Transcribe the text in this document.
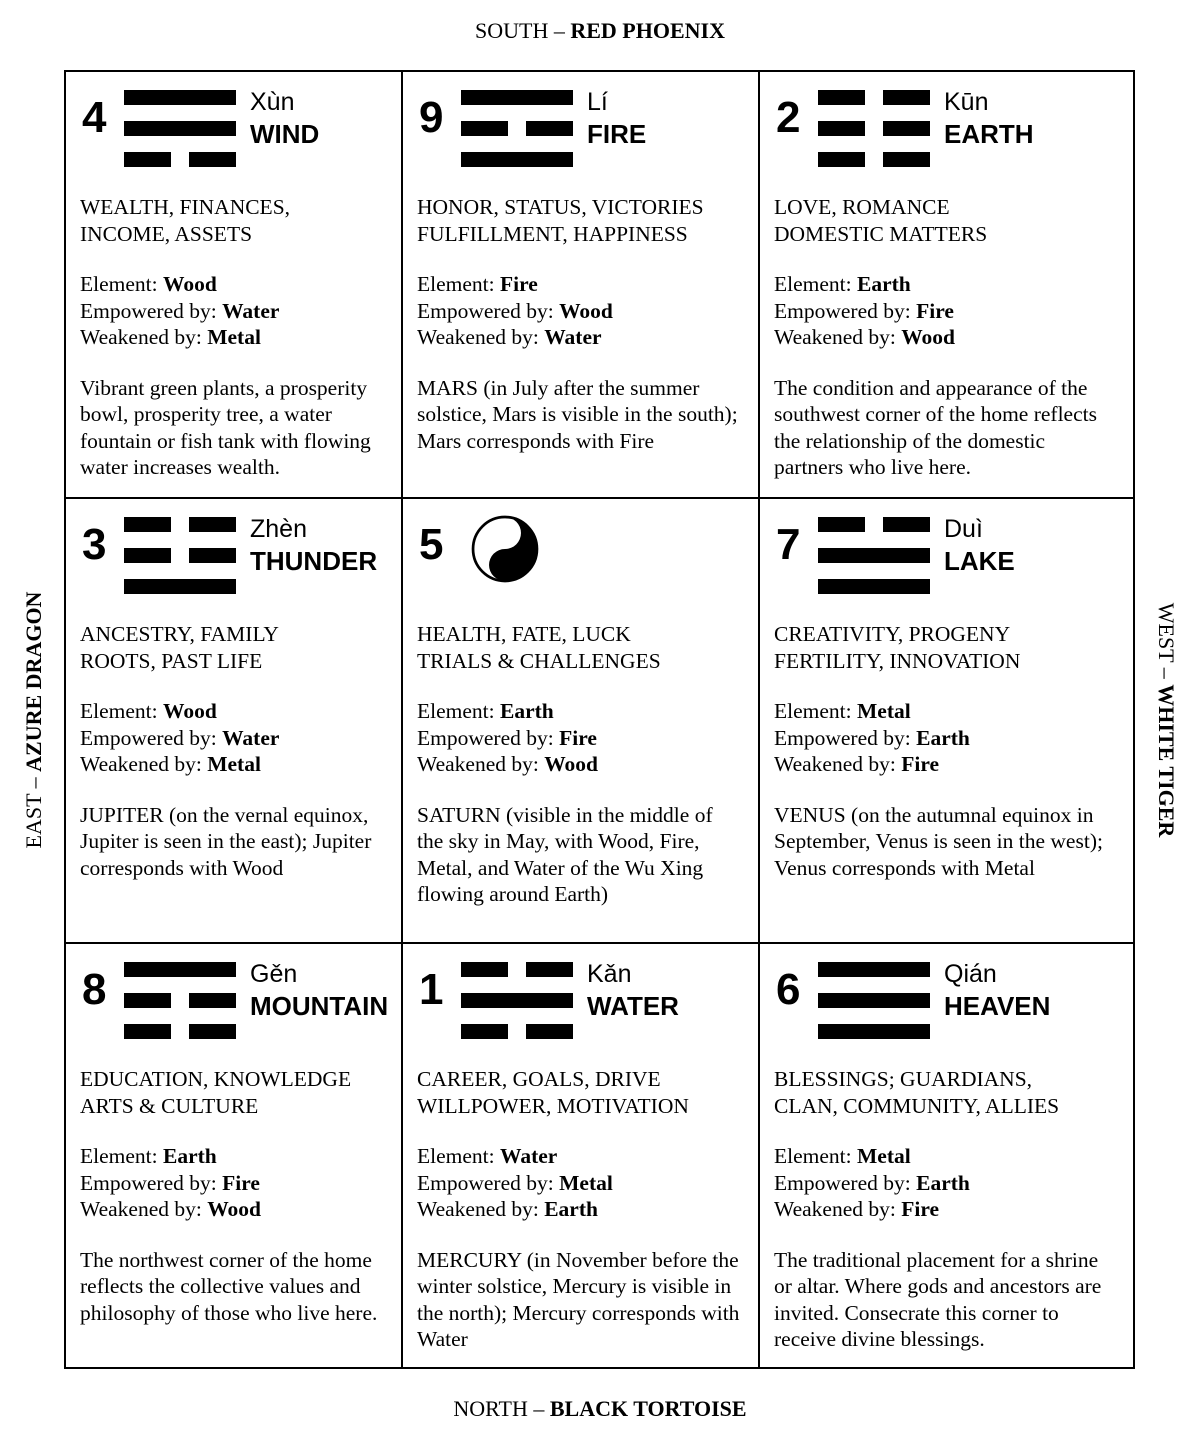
SOUTH – RED PHOENIX
NORTH – BLACK TORTOISE
EAST – AZURE DRAGON	WEST – WHITE TIGER
4	Xùn
WIND
WEALTH, FINANCES,
INCOME, ASSETS
Element: Wood
Empowered by: Water
Weakened by: Metal
Vibrant green plants, a prosperity bowl, prosperity tree, a water fountain or fish tank with flowing water increases wealth.
9	Lí
FIRE
HONOR, STATUS, VICTORIES
FULFILLMENT, HAPPINESS
Element: Fire
Empowered by: Wood
Weakened by: Water
MARS (in July after the summer solstice, Mars is visible in the south); Mars corresponds with Fire
2	Kūn
EARTH
LOVE, ROMANCE
DOMESTIC MATTERS
Element: Earth
Empowered by: Fire
Weakened by: Wood
The condition and appearance of the southwest corner of the home reflects the relationship of the domestic partners who live here.
3	Zhèn
THUNDER
ANCESTRY, FAMILY
ROOTS, PAST LIFE
Element: Wood
Empowered by: Water
Weakened by: Metal
JUPITER (on the vernal equinox, Jupiter is seen in the east); Jupiter corresponds with Wood
5
HEALTH, FATE, LUCK
TRIALS & CHALLENGES
Element: Earth
Empowered by: Fire
Weakened by: Wood
SATURN (visible in the middle of the sky in May, with Wood, Fire, Metal, and Water of the Wu Xing flowing around Earth)
7	Duì
LAKE
CREATIVITY, PROGENY
FERTILITY, INNOVATION
Element: Metal
Empowered by: Earth
Weakened by: Fire
VENUS (on the autumnal equinox in September, Venus is seen in the west); Venus corresponds with Metal
8	Gěn
MOUNTAIN
EDUCATION, KNOWLEDGE
ARTS & CULTURE
Element: Earth
Empowered by: Fire
Weakened by: Wood
The northwest corner of the home reflects the collective values and philosophy of those who live here.
1	Kǎn
WATER
CAREER, GOALS, DRIVE
WILLPOWER, MOTIVATION
Element: Water
Empowered by: Metal
Weakened by: Earth
MERCURY (in November before the winter solstice, Mercury is visible in the north); Mercury corresponds with Water
6	Qián
HEAVEN
BLESSINGS; GUARDIANS,
CLAN, COMMUNITY, ALLIES
Element: Metal
Empowered by: Earth
Weakened by: Fire
The traditional placement for a shrine or altar. Where gods and ancestors are invited. Consecrate this corner to receive divine blessings.
